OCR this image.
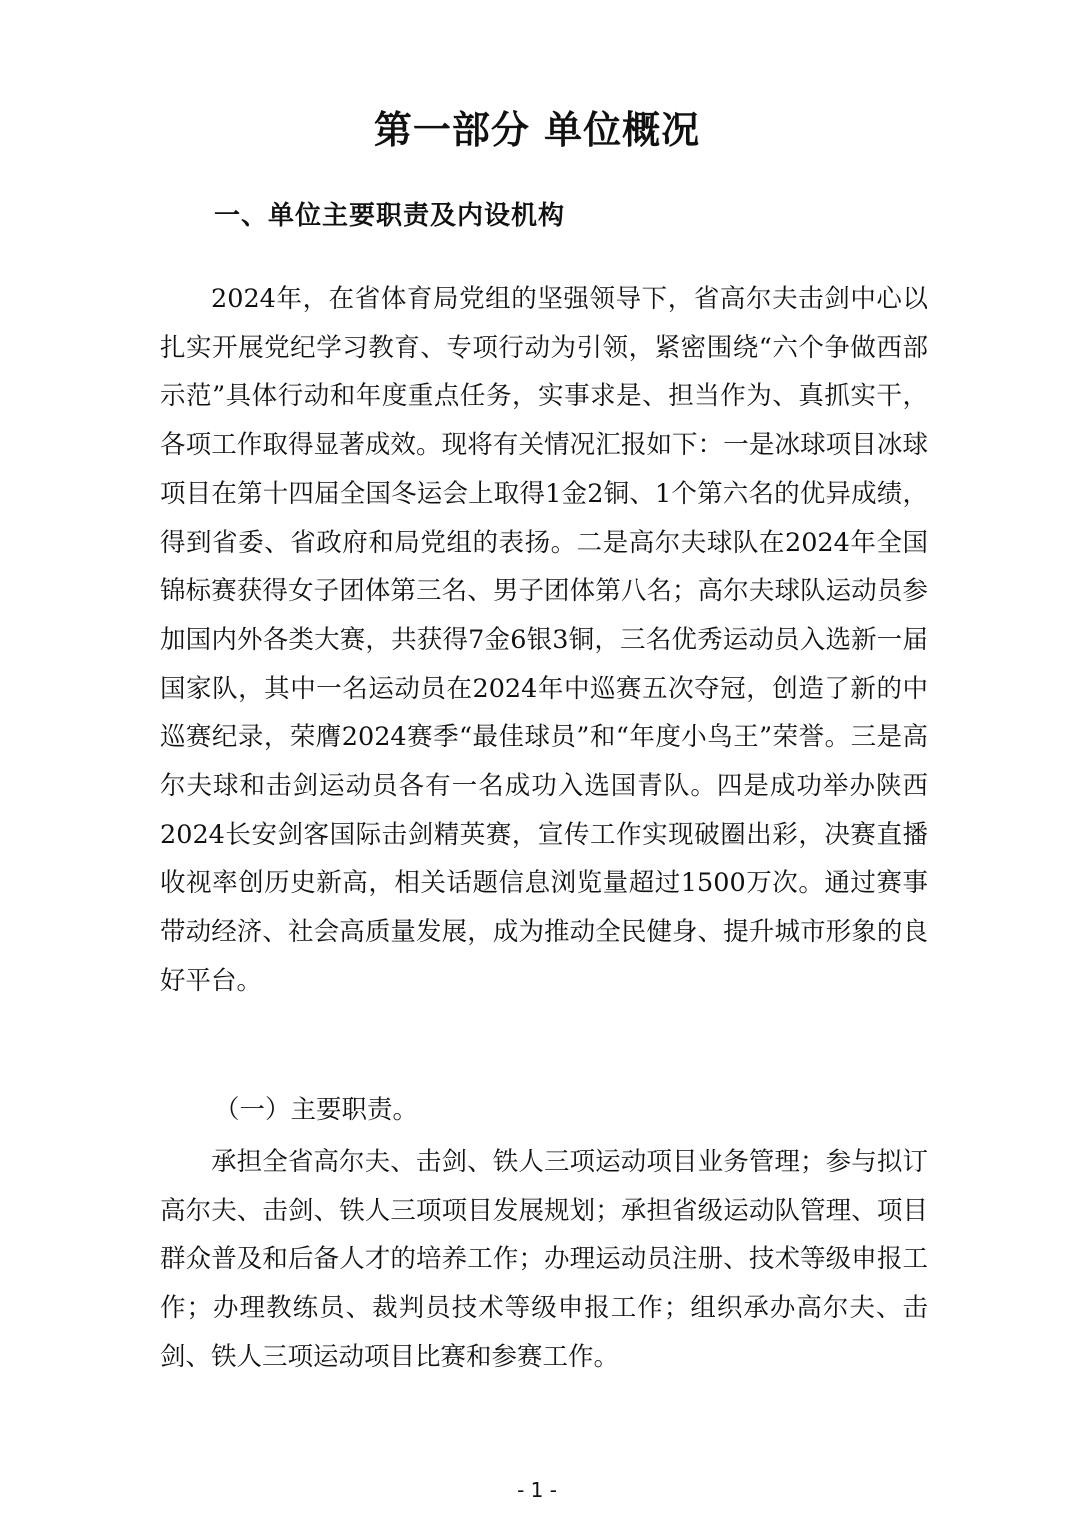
第一部分 单位概况
一、单位主要职责及内设机构

2024年，在省体育局党组的坚强领导下，省高尔夫击剑中心以扎实开展党纪学习教育、专项行动为引领，紧密围绕“六个争做西部示范”具体行动和年度重点任务，实事求是、担当作为、真抓实干，各项工作取得显著成效。现将有关情况汇报如下：一是冰球项目冰球项目在第十四届全国冬运会上取得1金2铜、1个第六名的优异成绩，得到省委、省政府和局党组的表扬。二是高尔夫球队在2024年全国锦标赛获得女子团体第三名、男子团体第八名；高尔夫球队运动员参加国内外各类大赛，共获得7金6银3铜，三名优秀运动员入选新一届国家队，其中一名运动员在2024年中巡赛五次夺冠，创造了新的中巡赛纪录，荣膺2024赛季“最佳球员”和“年度小鸟王”荣誉。三是高尔夫球和击剑运动员各有一名成功入选国青队。四是成功举办陕西2024长安剑客国际击剑精英赛，宣传工作实现破圈出彩，决赛直播收视率创历史新高，相关话题信息浏览量超过1500万次。通过赛事带动经济、社会高质量发展，成为推动全民健身、提升城市形象的良好平台。

（一）主要职责。

承担全省高尔夫、击剑、铁人三项运动项目业务管理；参与拟订高尔夫、击剑、铁人三项项目发展规划；承担省级运动队管理、项目群众普及和后备人才的培养工作；办理运动员注册、技术等级申报工作；办理教练员、裁判员技术等级申报工作；组织承办高尔夫、击剑、铁人三项运动项目比赛和参赛工作。

- 1 -
